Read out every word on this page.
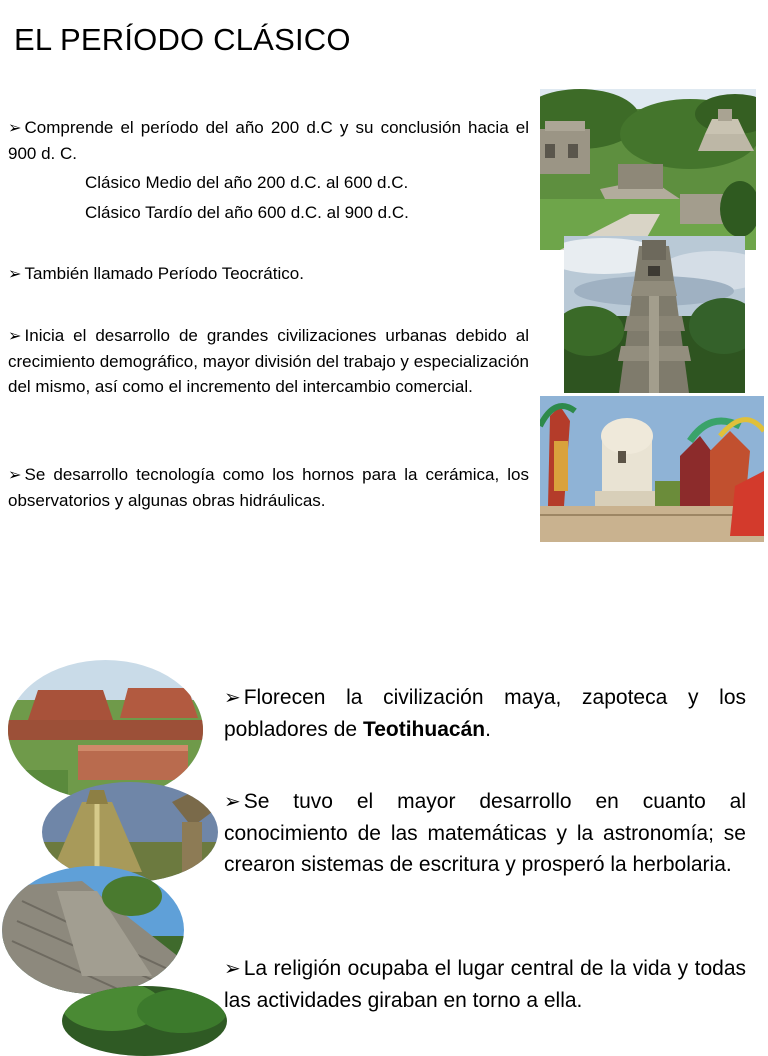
EL PERÍODO CLÁSICO

➢ Comprende el período del año 200 d.C y su conclusión hacia el 900 d. C.

Clásico Medio del año 200 d.C. al 600 d.C.

Clásico Tardío del año 600 d.C. al 900 d.C.

➢ También llamado Período Teocrático.

➢ Inicia el desarrollo de grandes civilizaciones urbanas debido al crecimiento demográfico, mayor división del trabajo y especialización del mismo, así como el incremento del intercambio comercial.

➢ Se desarrollo tecnología como los hornos para la cerámica, los observatorios y algunas obras hidráulicas.

➢ Florecen la civilización maya, zapoteca y los pobladores de Teotihuacán.

➢ Se tuvo el mayor desarrollo en cuanto al conocimiento de las matemáticas y la astronomía; se crearon sistemas de escritura y prosperó la herbolaria.

➢ La religión ocupaba el lugar central de la vida y todas las actividades giraban en torno a ella.
